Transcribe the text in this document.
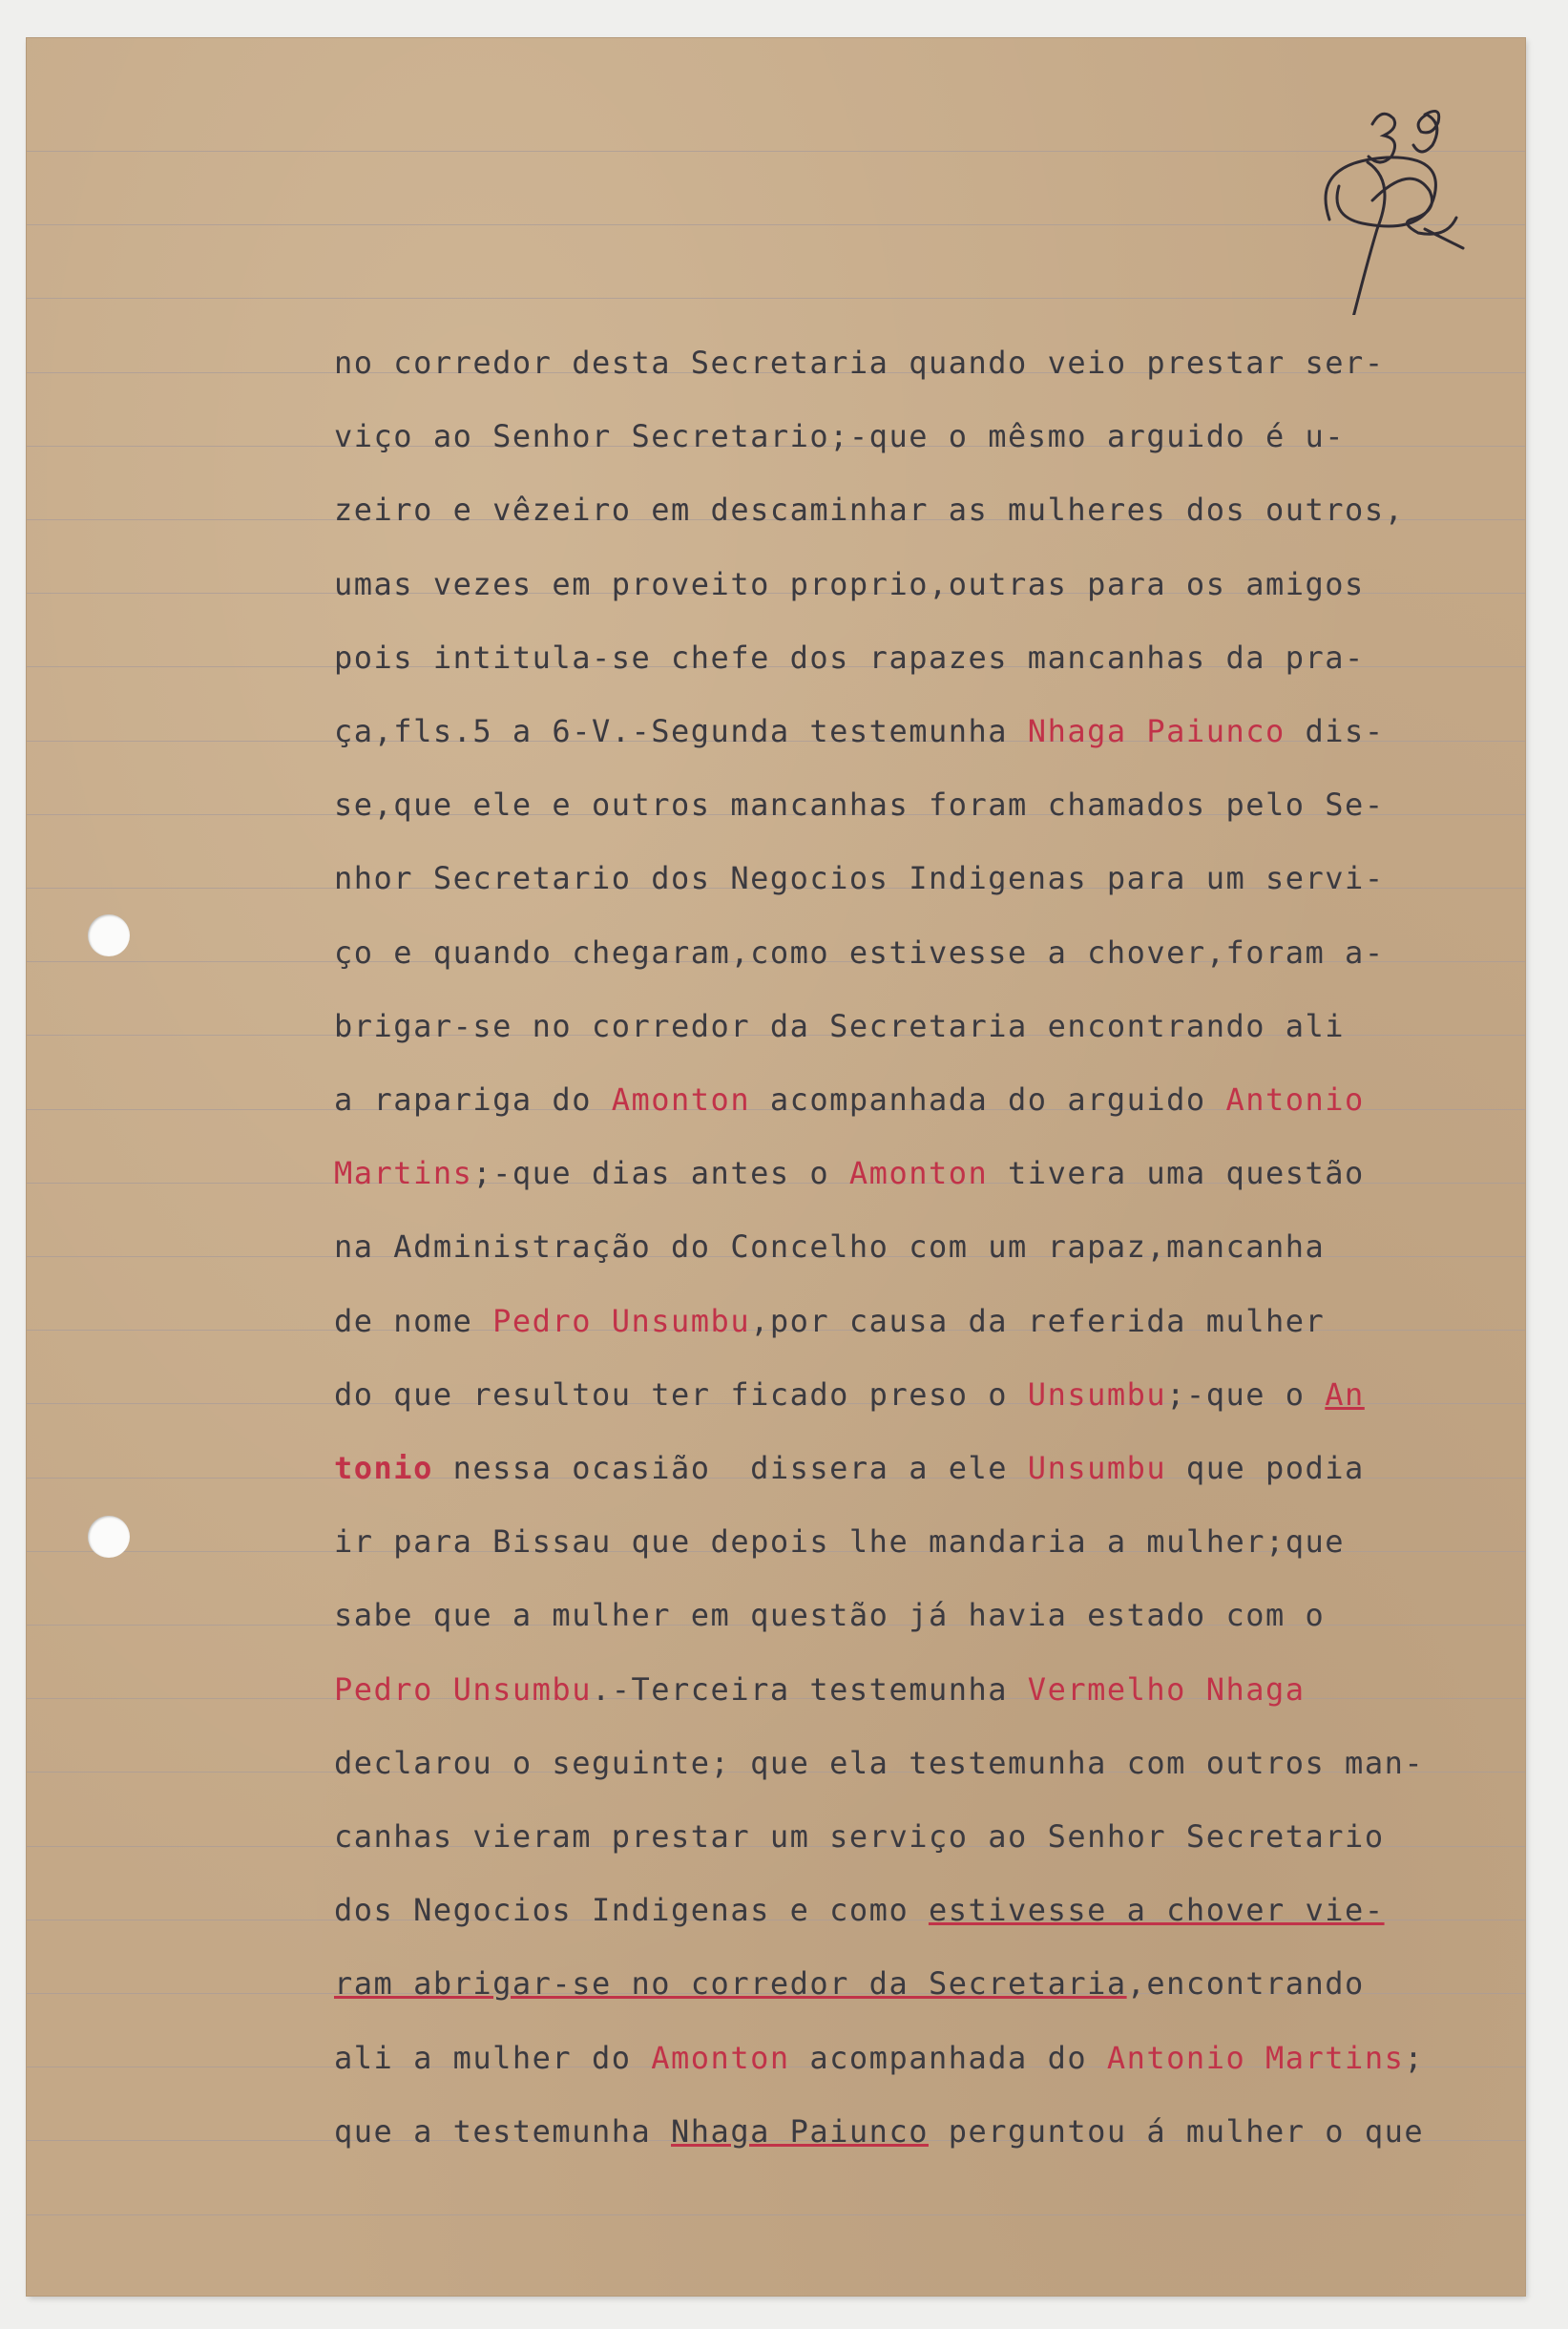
no corredor desta Secretaria quando veio prestar ser-
viço ao Senhor Secretario;-que o mêsmo arguido é u-
zeiro e vêzeiro em descaminhar as mulheres dos outros,
umas vezes em proveito proprio,outras para os amigos
pois intitula-se chefe dos rapazes mancanhas da pra-
ça,fls.5 a 6-V.-Segunda testemunha Nhaga Paiunco dis-
se,que ele e outros mancanhas foram chamados pelo Se-
nhor Secretario dos Negocios Indigenas para um servi-
ço e quando chegaram,como estivesse a chover,foram a-
brigar-se no corredor da Secretaria encontrando ali
a rapariga do Amonton acompanhada do arguido Antonio
Martins;-que dias antes o Amonton tivera uma questão
na Administração do Concelho com um rapaz,mancanha
de nome Pedro Unsumbu,por causa da referida mulher
do que resultou ter ficado preso o Unsumbu;-que o An
tonio nessa ocasião  dissera a ele Unsumbu que podia
ir para Bissau que depois lhe mandaria a mulher;que
sabe que a mulher em questão já havia estado com o
Pedro Unsumbu.-Terceira testemunha Vermelho Nhaga
declarou o seguinte; que ela testemunha com outros man-
canhas vieram prestar um serviço ao Senhor Secretario
dos Negocios Indigenas e como estivesse a chover vie-
ram abrigar-se no corredor da Secretaria,encontrando
ali a mulher do Amonton acompanhada do Antonio Martins;
que a testemunha Nhaga Paiunco perguntou á mulher o que
